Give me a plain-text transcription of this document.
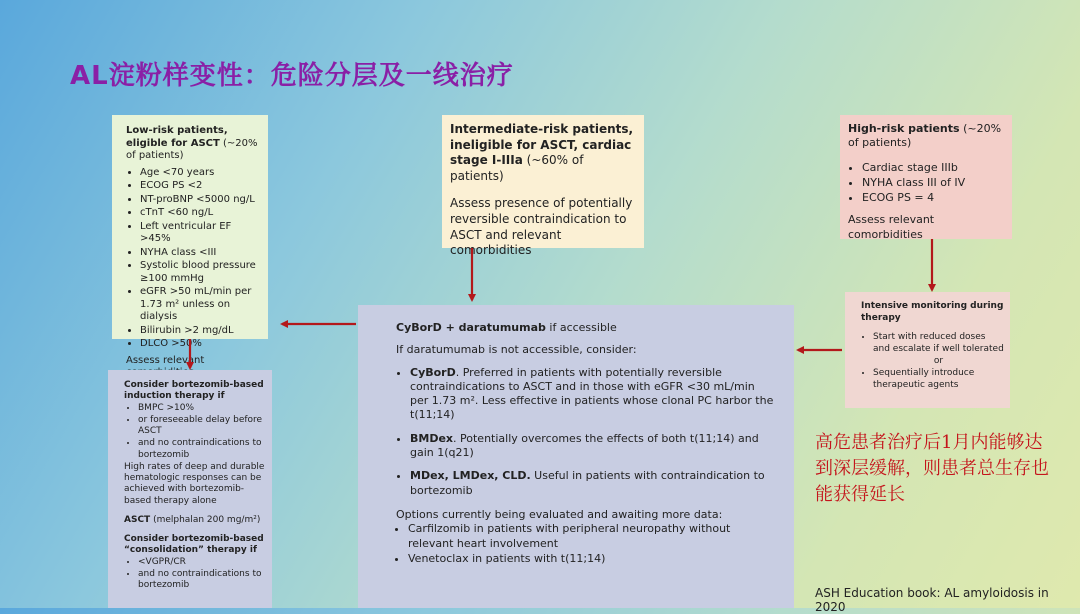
AL淀粉样变性：危险分层及一线治疗

Low-risk patients, eligible for ASCT (~20% of patients)

• Age <70 years
• ECOG PS <2
• NT-proBNP <5000 ng/L
• cTnT <60 ng/L
• Left ventricular EF >45%
• NYHA class <III
• Systolic blood pressure ≥100 mmHg
• eGFR >50 mL/min per 1.73 m² unless on dialysis
• Bilirubin >2 mg/dL
• DLCO >50%

Assess relevant

Intermediate-risk patients, ineligible for ASCT, cardiac stage I-IIIa (~60% of patients)

Assess presence of potentially reversible contraindication to ASCT and relevant comorbidities

High-risk patients (~20% of patients)

• Cardiac stage IIIb
• NYHA class III of IV
• ECOG PS = 4

Assess relevant comorbidities

CyBorD + daratumumab if accessible

If daratumumab is not accessible, consider:

• CyBorD. Preferred in patients with potentially reversible contraindications to ASCT and in those with eGFR <30 mL/min per 1.73 m². Less effective in patients whose clonal PC harbor the t(11;14)
• BMDex. Potentially overcomes the effects of both t(11;14) and gain 1(q21)
• MDex, LMDex, CLD. Useful in patients with contraindication to bortezomib

Options currently being evaluated and awaiting more data:

• Carfilzomib in patients with peripheral neuropathy without relevant heart involvement
• Venetoclax in patients with t(11;14)

Consider bortezomib-based induction therapy if

• BMPC >10%
• or foreseeable delay before ASCT
• and no contraindications to bortezomib

High rates of deep and durable hematologic responses can be achieved with bortezomib-based therapy alone

ASCT (melphalan 200 mg/m²)

Consider bortezomib-based “consolidation” therapy if

• <VGPR/CR
• and no contraindications to bortezomib

Intensive monitoring during therapy

• Start with reduced doses and escalate if well tolerated
or
• Sequentially introduce therapeutic agents
高危患者治疗后1月内能够达到深层缓解，则患者总生存也能获得延长
ASH Education book: AL amyloidosis in 2020
